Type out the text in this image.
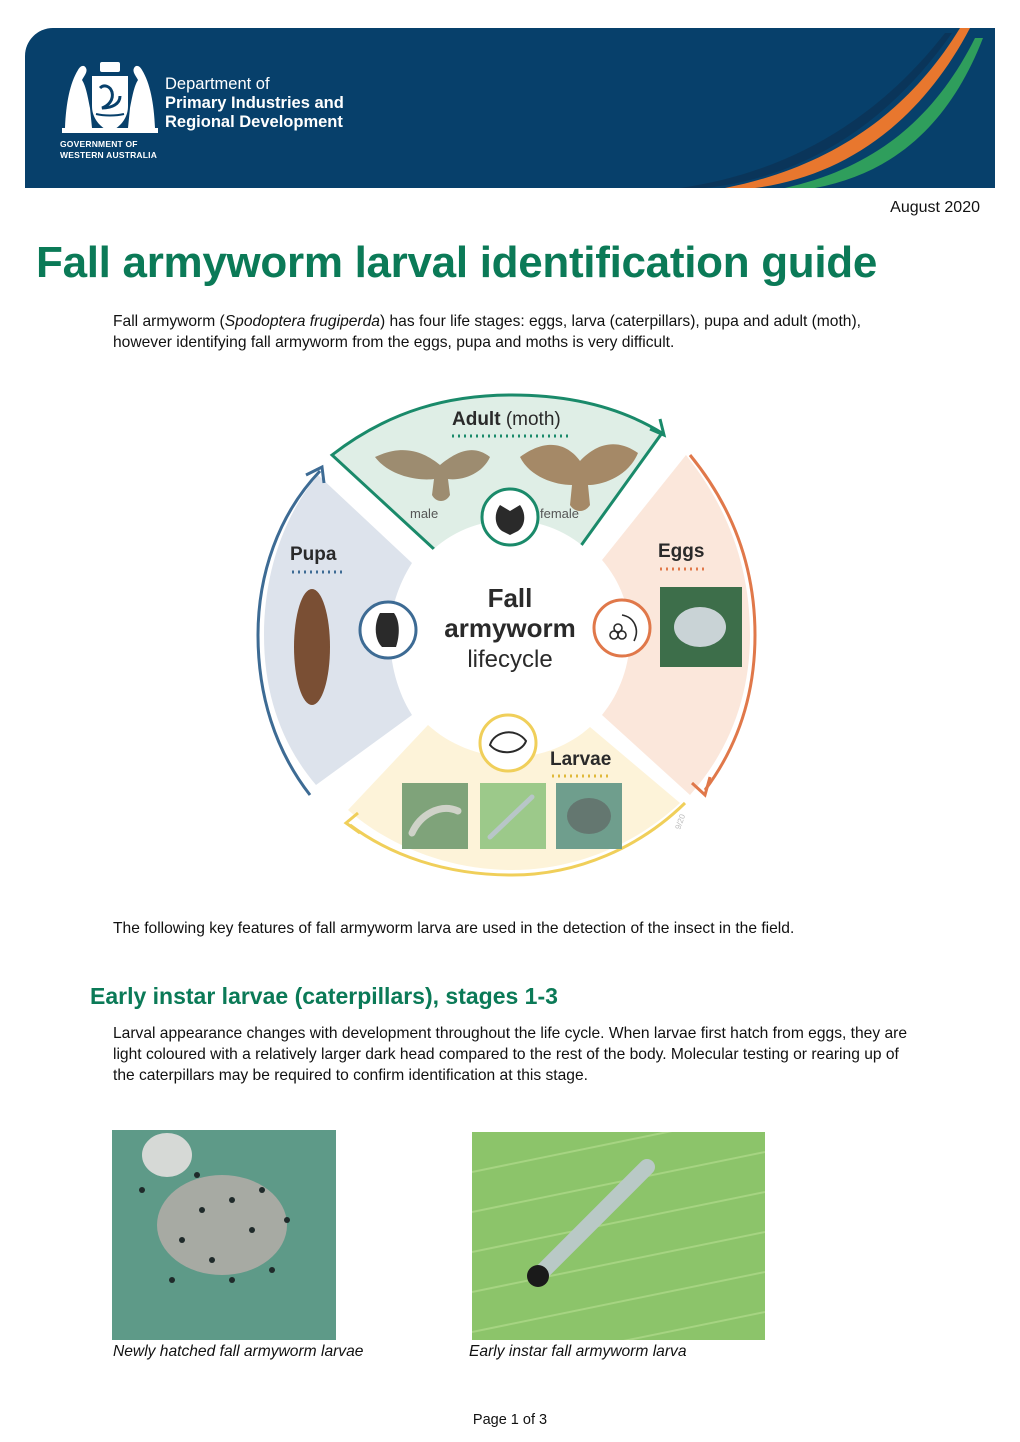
GOVERNMENT OF
WESTERN AUSTRALIA
Department of
Primary Industries and
Regional Development
August 2020
Fall armyworm larval identification guide
Fall armyworm (Spodoptera frugiperda) has four life stages: eggs, larva (caterpillars), pupa and adult (moth), however identifying fall armyworm from the eggs, pupa and moths is very difficult.
Fall
armyworm
lifecycle
Adult (moth)
male	female
Pupa	Eggs
Larvae
9/20
The following key features of fall armyworm larva are used in the detection of the insect in the field.
Early instar larvae (caterpillars), stages 1-3
Larval appearance changes with development throughout the life cycle. When larvae first hatch from eggs, they are light coloured with a relatively larger dark head compared to the rest of the body. Molecular testing or rearing up of the caterpillars may be required to confirm identification at this stage.
Newly hatched fall armyworm larvae	Early instar fall armyworm larva
Page 1 of 3
